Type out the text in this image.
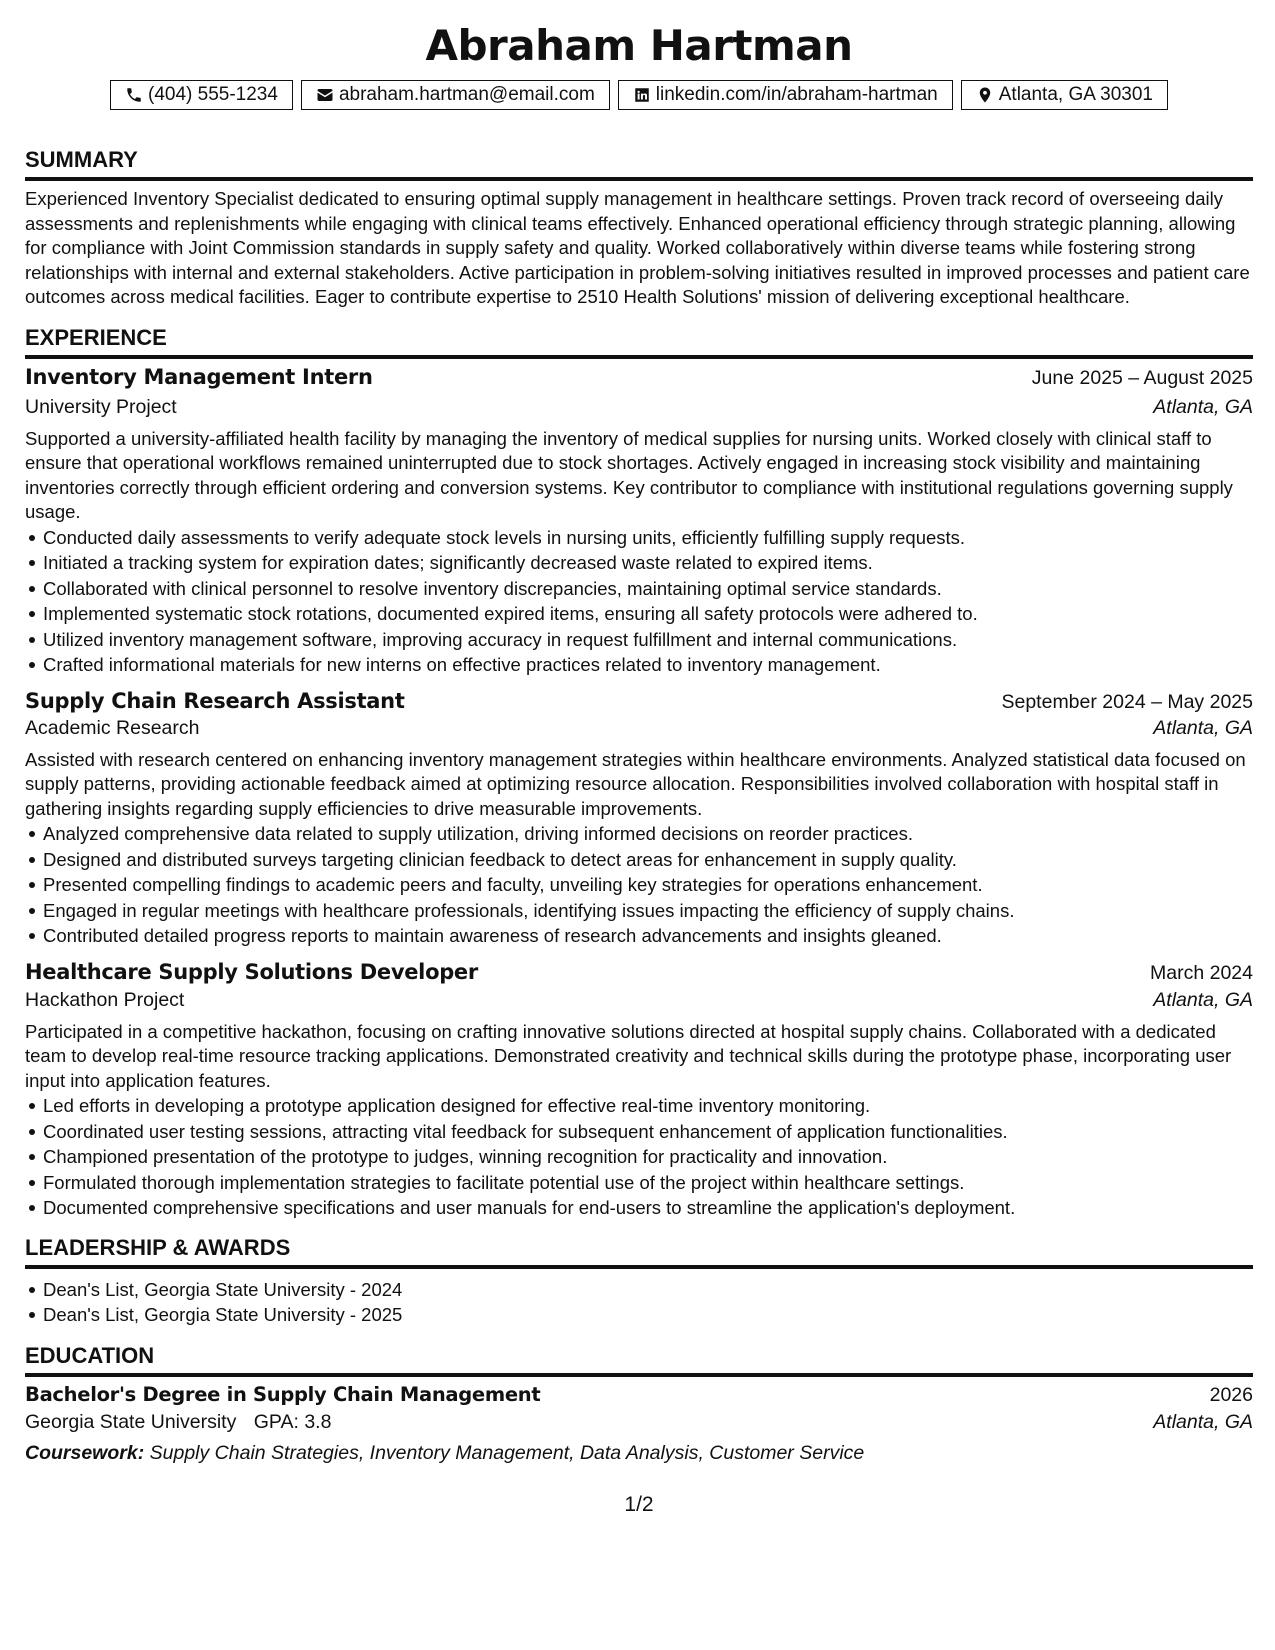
Abraham Hartman
(404) 555-1234	abraham.hartman@email.com	linkedin.com/in/abraham-hartman	Atlanta, GA 30301
SUMMARY

Experienced Inventory Specialist dedicated to ensuring optimal supply management in healthcare settings. Proven track record of overseeing daily assessments and replenishments while engaging with clinical teams effectively. Enhanced operational efficiency through strategic planning, allowing for compliance with Joint Commission standards in supply safety and quality. Worked collaboratively within diverse teams while fostering strong relationships with internal and external stakeholders. Active participation in problem-solving initiatives resulted in improved processes and patient care outcomes across medical facilities. Eager to contribute expertise to 2510 Health Solutions' mission of delivering exceptional healthcare.

EXPERIENCE
Inventory Management Intern	June 2025 – August 2025
University Project	Atlanta, GA

Supported a university-affiliated health facility by managing the inventory of medical supplies for nursing units. Worked closely with clinical staff to ensure that operational workflows remained uninterrupted due to stock shortages. Actively engaged in increasing stock visibility and maintaining inventories correctly through efficient ordering and conversion systems. Key contributor to compliance with institutional regulations governing supply usage.

Conducted daily assessments to verify adequate stock levels in nursing units, efficiently fulfilling supply requests.
Initiated a tracking system for expiration dates; significantly decreased waste related to expired items.
Collaborated with clinical personnel to resolve inventory discrepancies, maintaining optimal service standards.
Implemented systematic stock rotations, documented expired items, ensuring all safety protocols were adhered to.
Utilized inventory management software, improving accuracy in request fulfillment and internal communications.
Crafted informational materials for new interns on effective practices related to inventory management.
Supply Chain Research Assistant	September 2024 – May 2025
Academic Research	Atlanta, GA

Assisted with research centered on enhancing inventory management strategies within healthcare environments. Analyzed statistical data focused on supply patterns, providing actionable feedback aimed at optimizing resource allocation. Responsibilities involved collaboration with hospital staff in gathering insights regarding supply efficiencies to drive measurable improvements.

Analyzed comprehensive data related to supply utilization, driving informed decisions on reorder practices.
Designed and distributed surveys targeting clinician feedback to detect areas for enhancement in supply quality.
Presented compelling findings to academic peers and faculty, unveiling key strategies for operations enhancement.
Engaged in regular meetings with healthcare professionals, identifying issues impacting the efficiency of supply chains.
Contributed detailed progress reports to maintain awareness of research advancements and insights gleaned.
Healthcare Supply Solutions Developer	March 2024
Hackathon Project	Atlanta, GA

Participated in a competitive hackathon, focusing on crafting innovative solutions directed at hospital supply chains. Collaborated with a dedicated team to develop real-time resource tracking applications. Demonstrated creativity and technical skills during the prototype phase, incorporating user input into application features.

Led efforts in developing a prototype application designed for effective real-time inventory monitoring.
Coordinated user testing sessions, attracting vital feedback for subsequent enhancement of application functionalities.
Championed presentation of the prototype to judges, winning recognition for practicality and innovation.
Formulated thorough implementation strategies to facilitate potential use of the project within healthcare settings.
Documented comprehensive specifications and user manuals for end-users to streamline the application's deployment.
LEADERSHIP & AWARDS
Dean's List, Georgia State University - 2024
Dean's List, Georgia State University - 2025
EDUCATION
Bachelor's Degree in Supply Chain Management	2026
Georgia State University GPA: 3.8	Atlanta, GA
Coursework: Supply Chain Strategies, Inventory Management, Data Analysis, Customer Service
1/2
